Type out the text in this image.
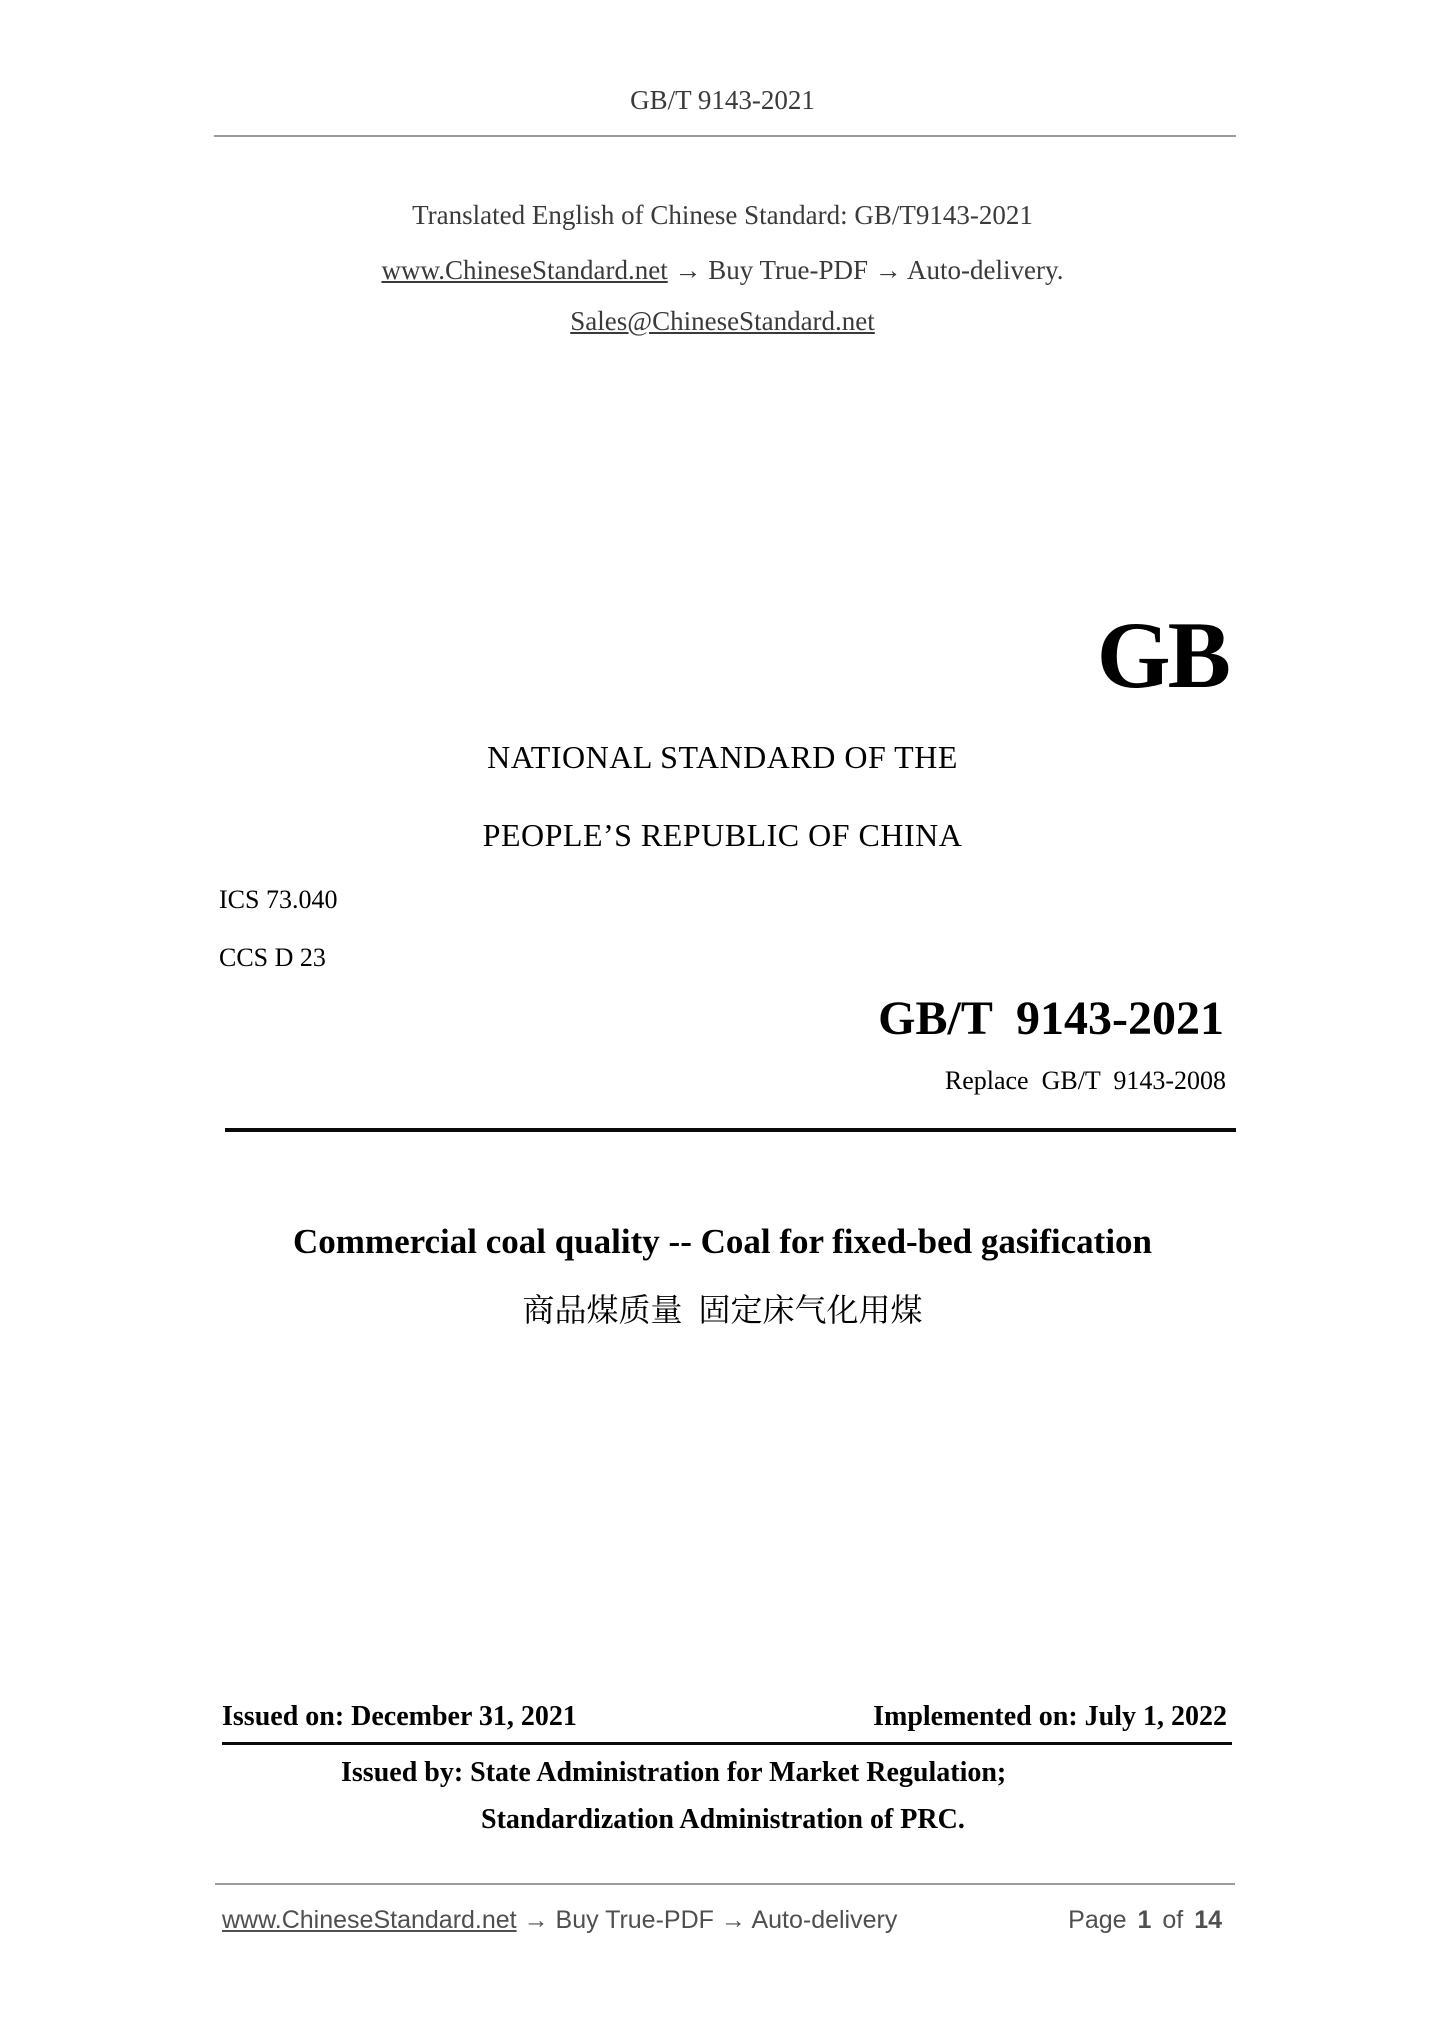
GB/T 9143-2021
Translated English of Chinese Standard: GB/T9143-2021
www.ChineseStandard.net → Buy True-PDF → Auto-delivery.
Sales@ChineseStandard.net
GB
NATIONAL STANDARD OF THE
PEOPLE’S REPUBLIC OF CHINA
ICS 73.040
CCS D 23
GB/T  9143-2021
Replace  GB/T  9143-2008
Commercial coal quality -- Coal for fixed-bed gasification
商品煤质量  固定床气化用煤
Issued on: December 31, 2021	Implemented on: July 1, 2022
Issued by: State Administration for Market Regulation;
Standardization Administration of PRC.
www.ChineseStandard.net → Buy True-PDF → Auto-delivery	Page 1 of 14
